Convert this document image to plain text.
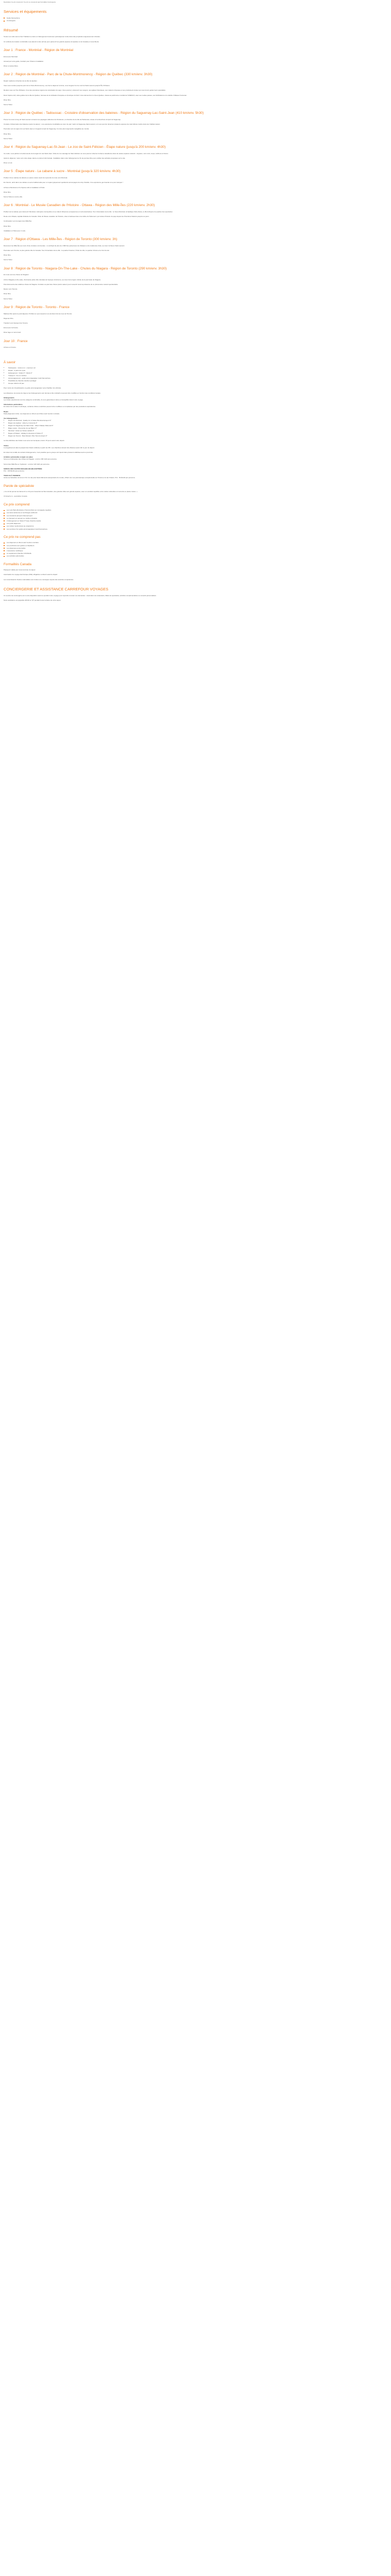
Description Ce prix comprend / Ce prix ne comprend pas Formalités Conciergerie
Services et équipements
Guide francophone
Conciergerie
Résumé

Toutes vos nuits seront chez l'habitant ou dans un hébergement local avec petit-déjeuner inclus dans des propriétés soigneusement choisies.

Un véhicule de location confortable vous attend à votre arrivée pour parcourir les grands espaces du Québec et du Canada en toute liberté.

Jour 1 : France - Montréal - Région de Montréal

Envol pour Montréal.

Accueil par notre guide, transfert pour l'hôtel et installation.

Dîner et soirée libres.

Jour 2 : Région de Montréal - Parc de la Chute-Montmorency - Région de Québec (330 km/env. 3h30)

Départ matinal en direction de la ville de Québec.

Vous vous rendrez jusqu'au parc de la Chute-Montmorency, une fois le déjeuner terminé, vous longerez la rive nord du Saint-Laurent jusqu'à l'Île d'Orléans.

Rendez-vous sur l'île d'Orléans, l'une des premières régions de colonisation du pays. Vous pourrez y découvrir ses vergers, ses églises historiques, ses maisons d'époque et ses producteurs locaux qui vous feront goûter leurs spécialités.

Dans l'après-midi, visite guidée de la ville de Québec, berceau de la civilisation française en Amérique du Nord. Vous découvrirez le Vieux-Québec, classé au patrimoine mondial de l'UNESCO, avec ses ruelles pavées, ses fortifications et le célèbre Château Frontenac.

Dîner libre.

Nuit à l'hôtel.

Jour 3 : Région de Québec - Tadoussac - Croisière d'observation des baleines - Région du Saguenay-Lac-Saint-Jean (410 km/env. 5h30)

Prenez la route le long du Saint-Laurent à travers les paysages vallonnés de Charlevoix, en direction de la ville de Tadoussac, située à l'embouchure du fjord du Saguenay.

Croisière d'observation des baleines (selon la saison) : une expérience inoubliable au cœur du parc marin du Saguenay-Saint-Laurent, où vous pourrez observer plusieurs espèces de mammifères marins dans leur habitat naturel.

Poursuite vers la région du Lac-Saint-Jean en longeant le fjord du Saguenay, l'un des plus longs fjords navigables au monde.

Dîner libre.

Nuit à l'hôtel.

Jour 4 : Région du Saguenay-Lac-St-Jean - Le zoo de Saint-Félicien - Étape nature (jusqu'à 200 km/env. 4h30)

Ce matin, vous partirez à la découverte de la région du Lac-Saint-Jean. Visite du zoo sauvage de Saint-Félicien où vous pourrez observer la faune canadienne dans de vastes espaces naturels : orignaux, ours noirs, loups, caribous et bisons.

Après le déjeuner, route vers votre étape nature en pleine forêt boréale. Installation dans votre hébergement et fin de journée libre pour profiter des activités proposées sur le site.

Dîner et nuit.

Jour 5 : Étape nature - La cabane à sucre - Montréal (jusqu'à 320 km/env. 4h30)

Profitez d'une matinée de détente en pleine nature avant de reprendre la route vers Montréal.

En chemin, arrêt dans une cabane à sucre traditionnelle pour un repas typiquement québécois accompagné de sirop d'érable. Une expérience gourmande à ne pas manquer !

Arrivée à Montréal en fin d'après-midi et installation à l'hôtel.

Dîner libre.

Nuit à l'hôtel en centre-ville.

Jour 6 : Montréal - Le Musée Canadien de l'Histoire - Ottawa - Région des Mille-Îles (220 km/env. 2h30)

Profitez de la matinée pour découvrir Montréal, métropole cosmopolite où se mêlent influences européennes et nord-américaines. Tour d'orientation de la ville : le Vieux-Montréal, la basilique Notre-Dame, le Mont-Royal et le quartier des spectacles.

Route vers Ottawa, capitale fédérale du Canada. Visite du Musée canadien de l'histoire, situé à Gatineau face à la colline du Parlement, qui retrace l'histoire du pays depuis les Premières Nations jusqu'à nos jours.

Continuation vers la région des Mille-Îles.

Dîner libre.

Installation à l'hôtel pour 2 nuits.

Jour 7 : Région d'Ottawa - Les Mille-Îles - Région de Toronto (300 km/env. 3h)

Découvrez les Mille-Îles au cours d'une croisière commentée : un archipel de plus de 1 800 îles parsemées de châteaux et de résidences d'été, au cœur du fleuve Saint-Laurent.

Poursuite vers Toronto, la plus grande ville du Canada. Tour d'orientation de la ville : le quartier financier, l'hôtel de ville, le quartier chinois et le front de lac.

Dîner libre.

Nuit à l'hôtel.

Jour 8 : Région de Toronto - Niagara-On-The-Lake - Chutes du Niagara - Région de Toronto (290 km/env. 3h30)

En route vers les chutes du Niagara !

Arrêt à Niagara-on-the-Lake, charmante petite ville coloniale de l'époque victorienne, au cœur de la région viticole de la péninsule du Niagara.

Puis découverte des célèbres chutes du Niagara. Croisière au pied des chutes (selon saison) pour ressentir toute la puissance de ce phénomène naturel spectaculaire.

Retour vers Toronto.

Dîner libre.

Nuit à l'hôtel.

Jour 9 : Région de Toronto - Toronto - France

Matinée libre après le petit-déjeuner. Profitez-en pour arpenter une dernière fois les rues de Toronto.

Déjeuner libre.

Transfert vers l'aéroport de Toronto.

Envol pour la France.

Dîner léger et nuit à bord.

Jour 10 : France

Arrivée en France.

À savoir
• Participants : minimum 2 - maximum 12
• Départ : à partir de 2 pax
• Hébergement : hôtels 3* / hôtels 4*
• Transport : bus ou minibus
• Accompagnement : guide accompagnateur local francophone
• Possibilité de chambre double à partager
• Groupe réduit à 16 pax

Pour moins de 10 participants, le guide accompagnateur sera chauffeur du véhicule.

Les distances, les temps de trajet et les hébergements sont donnés à titre indicatif et peuvent être modifiés en fonction des conditions locales.

Hébergements

Les hôtels sélectionnés sont de catégorie confortable, ils vous garantissent calme et tranquillité durant votre voyage.

Informations particulières

En raison de la saison touristique, certaines visites et activités peuvent être modifiées ou remplacées par des prestations équivalentes.

Repas

Petits-déjeuners inclus. Les déjeuners et dîners sont libres sauf mention contraire.

Vos hébergements
• Région de Montréal : Quality Inn & Suites Montréal Aéroport 3*
• Région de Québec : Hôtel Le Concorde 3*
• Région du Saguenay-Lac-Saint-Jean : Hôtel Château Roberval 3*
• Étape nature : Pourvoirie du Lac Blanc 3*
• Montréal : Hôtel Les Suites Labelle 3*
• Région d'Ottawa : Holiday Inn Express & Suites 3*
• Région de Toronto : Best Western Plus Toronto Airport 3*

La liste définitive des hôtels vous sera communiquée environ 15 jours avant votre départ.

Visites

L'enregistrement dans la plupart des hôtels s'effectue à partir de 15h. Les chambres doivent être libérées avant 11h le jour du départ.

En raison de la taille de certains hébergements, il est possible que le groupe soit réparti dans plusieurs établissements à proximité.

Activités optionnelles à régler sur place

Survol en hélicoptère des chutes du Niagara : environ 150 CAD par personne.

Survol des Mille-Îles en hydravion : environ 120 CAD par personne.

SURVOL DES CHUTES NIAGARA EN HÉLICOPTÈRE

Prix : 160 $CAD par personne

TOUR CN À TORONTO

Accès au belvédère de la tour CN, l'un des plus hauts bâtiments autoportants du monde, offrant une vue panoramique exceptionnelle sur Toronto et le lac Ontario. Prix : 50 $CAD par personne.

Parole de spécialiste

« Ce circuit permet de découvrir en 10 jours l'essentiel de l'Est canadien, des grandes villes aux grands espaces, avec un excellent équilibre entre visites culturelles et moments en pleine nature. »

Christophe G., spécialiste Canada

Ce prix comprend
Les vols Paris-Montréal et Toronto-Paris sur compagnie régulière
Les taxes aériennes et surcharges carburant
Les transferts aéroport-hôtel-aéroport
Le transport en autocar ou minibus climatisé
L'hébergement en hôtels 3* base chambre double
Les petits-déjeuners
Les visites mentionnées au programme
Les services d'un guide accompagnateur local francophone
Ce prix ne comprend pas
Les déjeuners et dîners sauf mention contraire
Les pourboires aux guides et chauffeurs
Les dépenses personnelles
L'assurance multirisque
Le supplément chambre individuelle
Les activités optionnelles
Formalités Canada

Passeport valide pour toute la durée du séjour.

Autorisation de voyage électronique (AVE) obligatoire à obtenir avant le départ.

Les ressortissants d'autres nationalités sont invités à se renseigner auprès des autorités compétentes.

CONCIERGERIE ET ASSISTANCE CARREFOUR VOYAGES

Un service de conciergerie est à votre disposition avant et pendant votre voyage pour répondre à toutes vos demandes : réservation de restaurants, billets de spectacles, activités complémentaires ou conseils personnalisés.

Notre assistance est joignable 24h/24 et 7j/7 pendant toute la durée de votre séjour.
